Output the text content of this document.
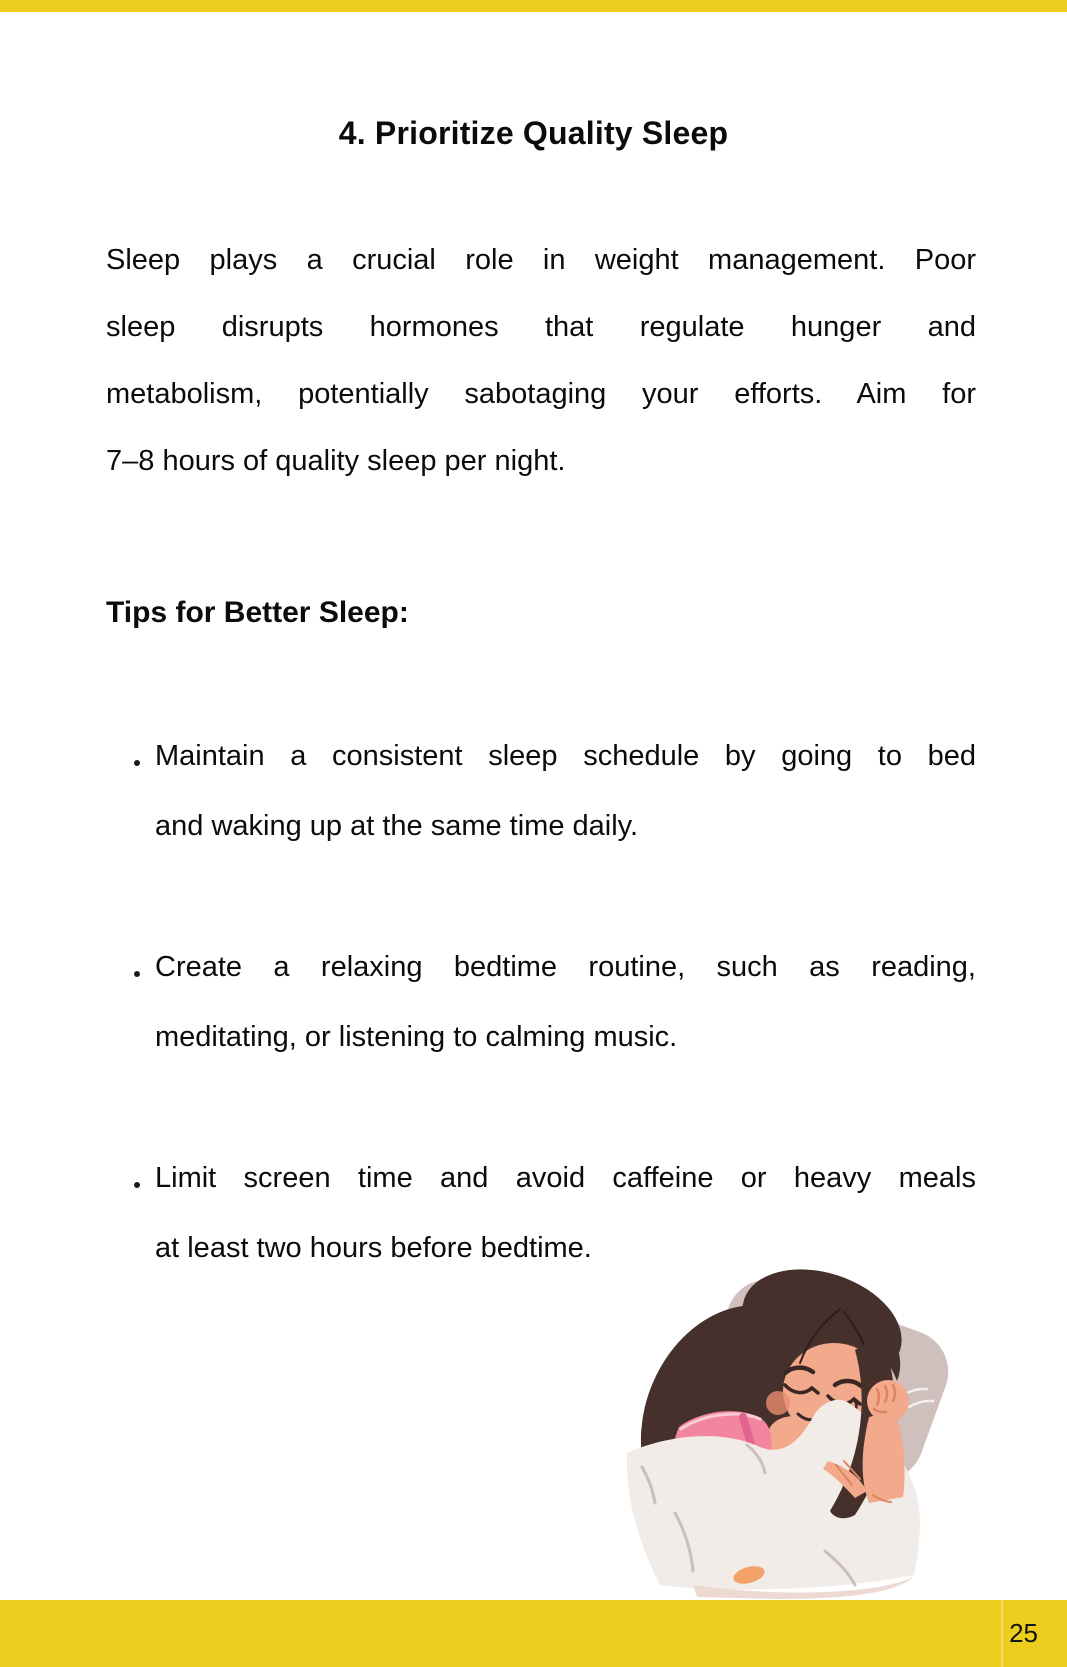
4. Prioritize Quality Sleep
Sleep plays a crucial role in weight management. Poor
sleep disrupts hormones that regulate hunger and
metabolism, potentially sabotaging your efforts. Aim for
7–8 hours of quality sleep per night.
Tips for Better Sleep:
Maintain a consistent sleep schedule by going to bed
and waking up at the same time daily.
Create a relaxing bedtime routine, such as reading,
meditating, or listening to calming music.
Limit screen time and avoid caffeine or heavy meals
at least two hours before bedtime.
25
